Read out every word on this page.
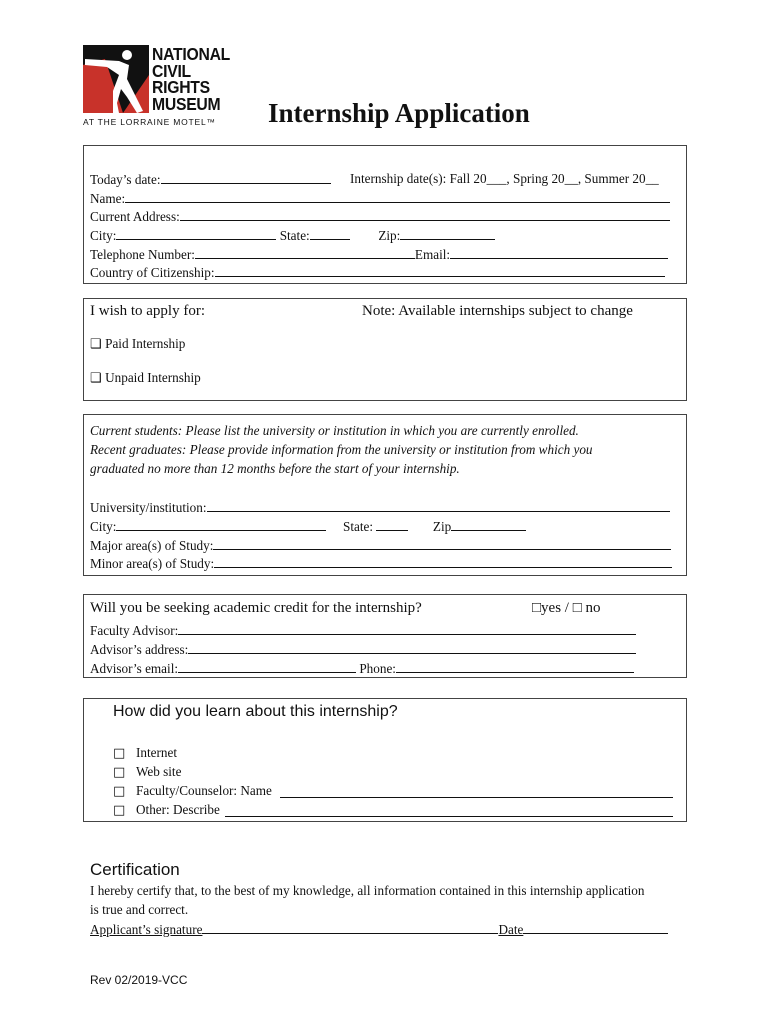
NATIONAL
CIVIL
RIGHTS
MUSEUM
AT THE LORRAINE MOTEL™ Internship Application
Today’s date:	Internship date(s): Fall 20___, Spring 20__, Summer 20__
Name:
Current Address:
City:	State:	Zip:
Telephone Number:	Email:
Country of Citizenship:
I wish to apply for:	Note: Available internships subject to change
❑ Paid Internship
❑ Unpaid Internship
Current students: Please list the university or institution in which you are currently enrolled.
Recent graduates: Please provide information from the university or institution from which you
graduated no more than 12 months before the start of your internship.
University/institution:
City:	State:	Zip
Major area(s) of Study:
Minor area(s) of Study:
Will you be seeking academic credit for the internship?	□yes / □ no
Faculty Advisor:
Advisor’s address:
Advisor’s email:	Phone:
How did you learn about this internship?
□ Internet
□ Web site
□ Faculty/Counselor: Name
□ Other: Describe
Certification
I hereby certify that, to the best of my knowledge, all information contained in this internship application
is true and correct.
Applicant’s signature	Date
Rev 02/2019-VCC
